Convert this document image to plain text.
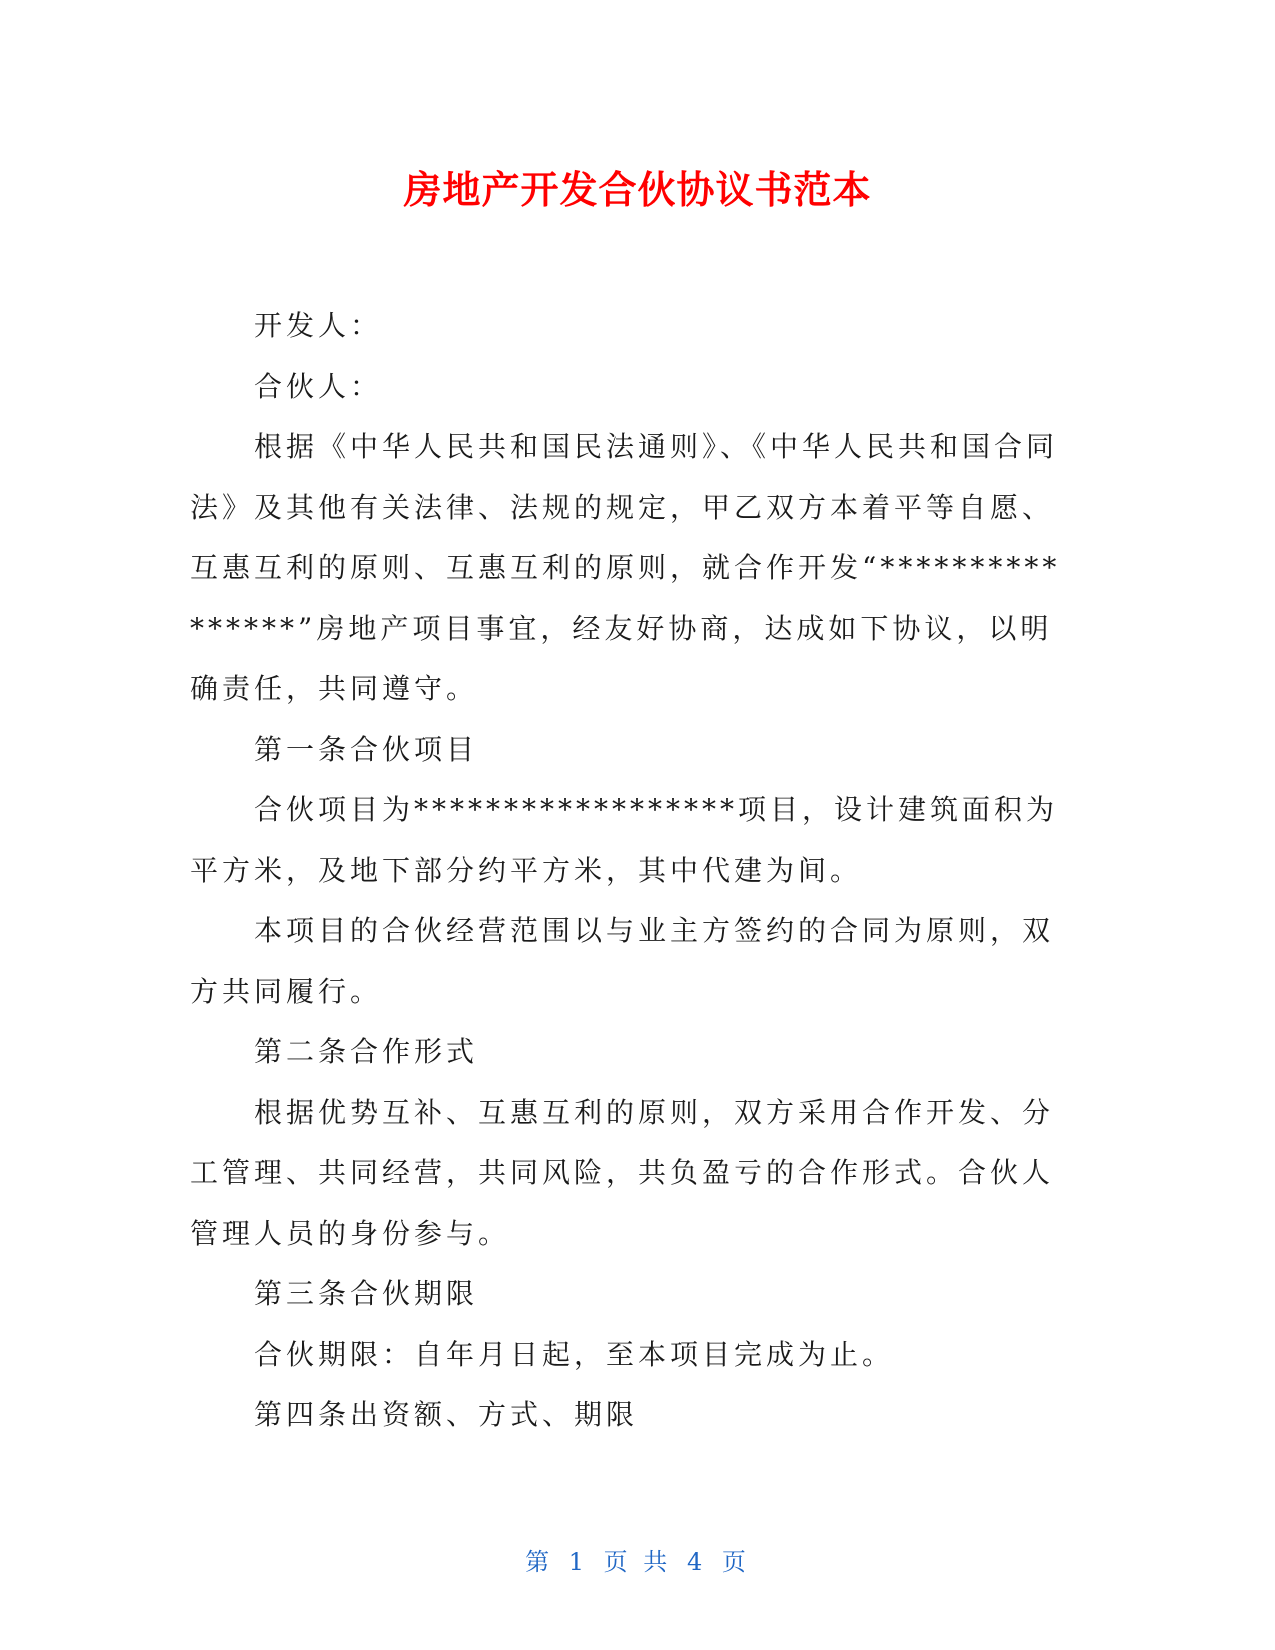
房地产开发合伙协议书范本

开发人：

合伙人：

根据《中华人民共和国民法通则》、《中华人民共和国合同法》及其他有关法律、法规的规定，甲乙双方本着平等自愿、互惠互利的原则、互惠互利的原则，就合作开发“****************”房地产项目事宜，经友好协商，达成如下协议，以明确责任，共同遵守。

第一条合伙项目

合伙项目为******************项目，设计建筑面积为平方米，及地下部分约平方米，其中代建为间。

本项目的合伙经营范围以与业主方签约的合同为原则，双方共同履行。

第二条合作形式

根据优势互补、互惠互利的原则，双方采用合作开发、分工管理、共同经营，共同风险，共负盈亏的合作形式。合伙人管理人员的身份参与。

第三条合伙期限

合伙期限：自年月日起，至本项目完成为止。

第四条出资额、方式、期限

第 1 页 共 4 页
